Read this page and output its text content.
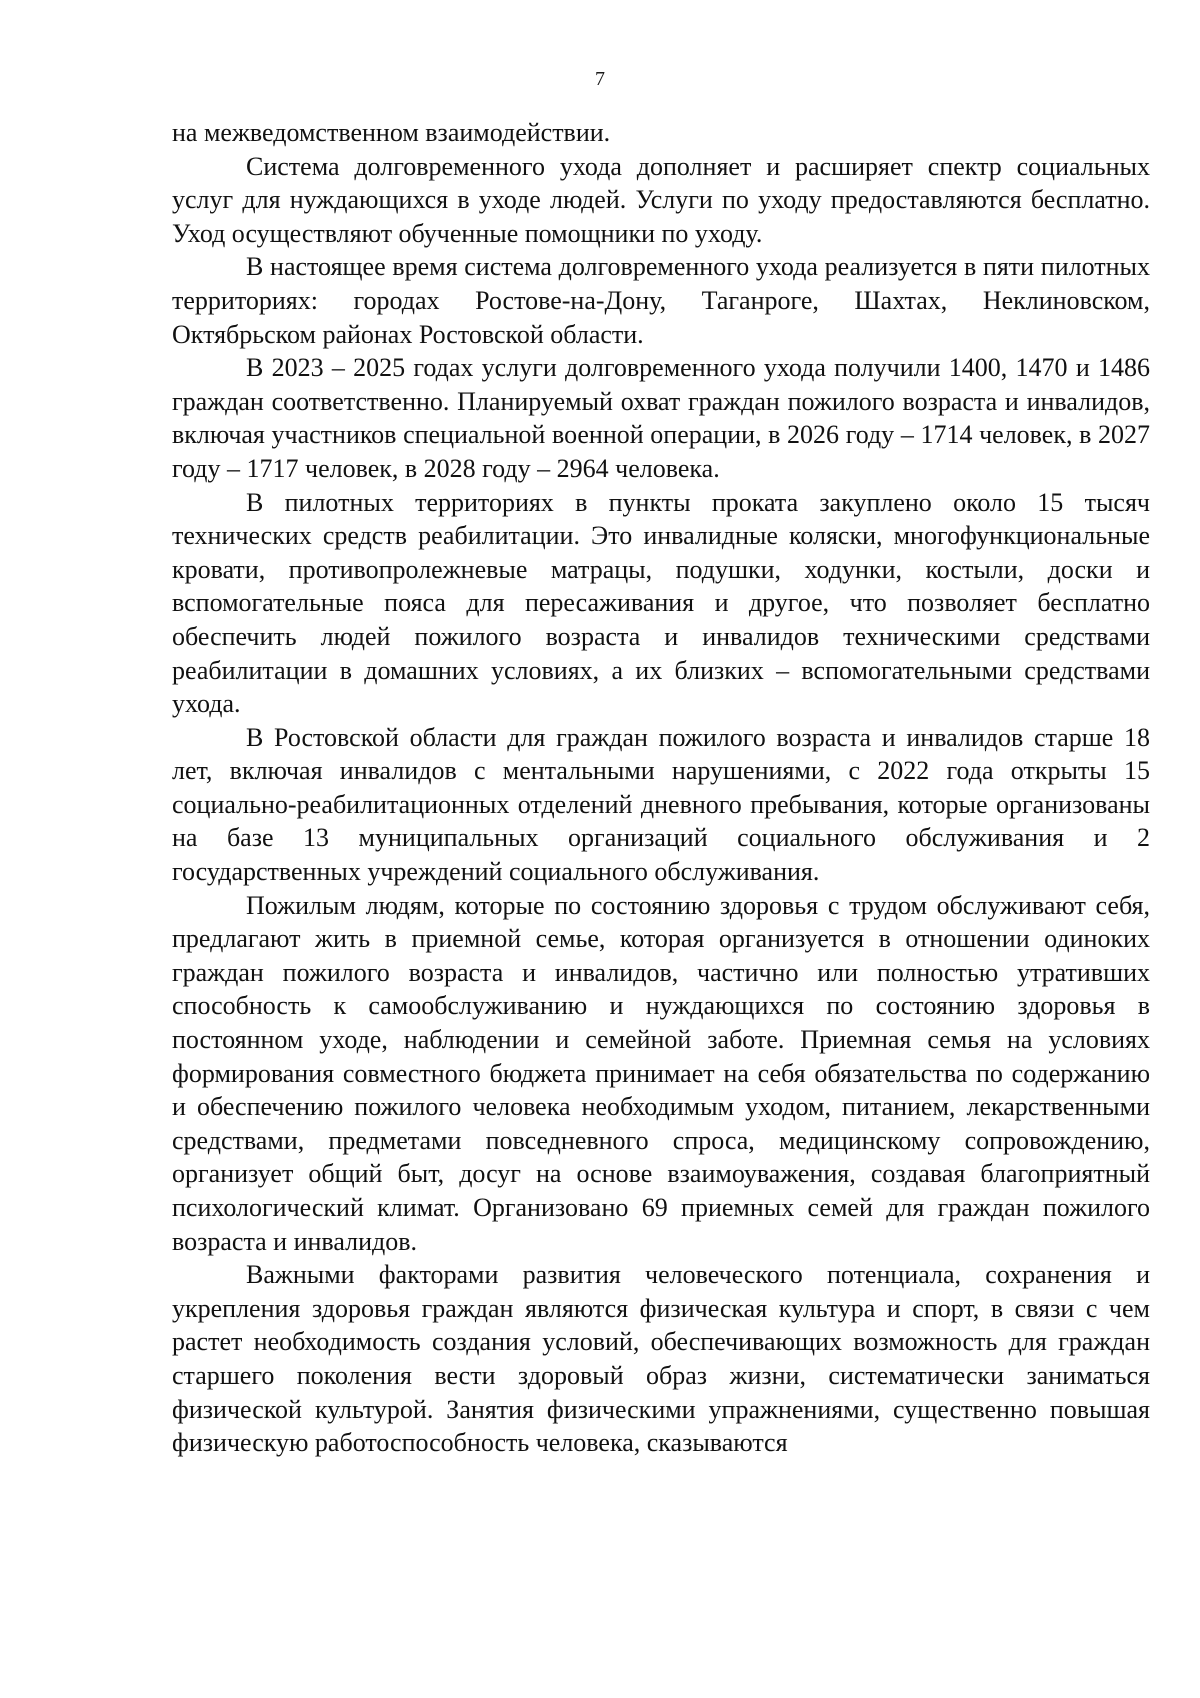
7

на межведомственном взаимодействии.

Система долговременного ухода дополняет и расширяет спектр социальных услуг для нуждающихся в уходе людей. Услуги по уходу предоставляются бесплатно. Уход осуществляют обученные помощники по уходу.

В настоящее время система долговременного ухода реализуется в пяти пилотных территориях: городах Ростове-на-Дону, Таганроге, Шахтах, Неклиновском, Октябрьском районах Ростовской области.

В 2023 – 2025 годах услуги долговременного ухода получили 1400, 1470 и 1486 граждан соответственно. Планируемый охват граждан пожилого возраста и инвалидов, включая участников специальной военной операции, в 2026 году – 1714 человек, в 2027 году – 1717 человек, в 2028 году – 2964 человека.

В пилотных территориях в пункты проката закуплено около 15 тысяч технических средств реабилитации. Это инвалидные коляски, многофункциональные кровати, противопролежневые матрацы, подушки, ходунки, костыли, доски и вспомогательные пояса для пересаживания и другое, что позволяет бесплатно обеспечить людей пожилого возраста и инвалидов техническими средствами реабилитации в домашних условиях, а их близких – вспомогательными средствами ухода.

В Ростовской области для граждан пожилого возраста и инвалидов старше 18 лет, включая инвалидов с ментальными нарушениями, с 2022 года открыты 15 социально-реабилитационных отделений дневного пребывания, которые организованы на базе 13 муниципальных организаций социального обслуживания и 2 государственных учреждений социального обслуживания.

Пожилым людям, которые по состоянию здоровья с трудом обслуживают себя, предлагают жить в приемной семье, которая организуется в отношении одиноких граждан пожилого возраста и инвалидов, частично или полностью утративших способность к самообслуживанию и нуждающихся по состоянию здоровья в постоянном уходе, наблюдении и семейной заботе. Приемная семья на условиях формирования совместного бюджета принимает на себя обязательства по содержанию и обеспечению пожилого человека необходимым уходом, питанием, лекарственными средствами, предметами повседневного спроса, медицинскому сопровождению, организует общий быт, досуг на основе взаимоуважения, создавая благоприятный психологический климат. Организовано 69 приемных семей для граждан пожилого возраста и инвалидов.

Важными факторами развития человеческого потенциала, сохранения и укрепления здоровья граждан являются физическая культура и спорт, в связи с чем растет необходимость создания условий, обеспечивающих возможность для граждан старшего поколения вести здоровый образ жизни, систематически заниматься физической культурой. Занятия физическими упражнениями, существенно повышая физическую работоспособность человека, сказываются
